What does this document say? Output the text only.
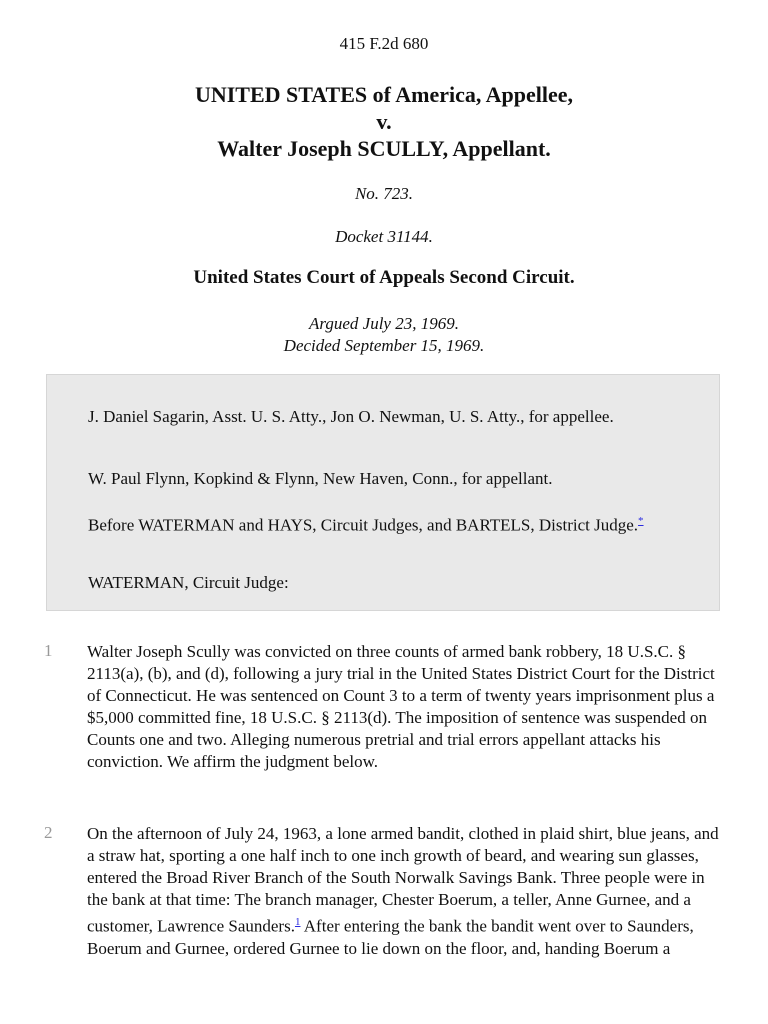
415 F.2d 680
UNITED STATES of America, Appellee,
v.
Walter Joseph SCULLY, Appellant.
No. 723.
Docket 31144.
United States Court of Appeals Second Circuit.
Argued July 23, 1969.
Decided September 15, 1969.

J. Daniel Sagarin, Asst. U. S. Atty., Jon O. Newman, U. S. Atty., for appellee.

W. Paul Flynn, Kopkind & Flynn, New Haven, Conn., for appellant.

Before WATERMAN and HAYS, Circuit Judges, and BARTELS, District Judge.*

WATERMAN, Circuit Judge:

1 Walter Joseph Scully was convicted on three counts of armed bank robbery, 18 U.S.C. § 2113(a), (b), and (d), following a jury trial in the United States District Court for the District of Connecticut. He was sentenced on Count 3 to a term of twenty years imprisonment plus a $5,000 committed fine, 18 U.S.C. § 2113(d). The imposition of sentence was suspended on Counts one and two. Alleging numerous pretrial and trial errors appellant attacks his conviction. We affirm the judgment below.

2 On the afternoon of July 24, 1963, a lone armed bandit, clothed in plaid shirt, blue jeans, and a straw hat, sporting a one half inch to one inch growth of beard, and wearing sun glasses, entered the Broad River Branch of the South Norwalk Savings Bank. Three people were in the bank at that time: The branch manager, Chester Boerum, a teller, Anne Gurnee, and a customer, Lawrence Saunders.$^1$ After entering the bank the bandit went over to Saunders, Boerum and Gurnee, ordered Gurnee to lie down on the floor, and, handing Boerum a
